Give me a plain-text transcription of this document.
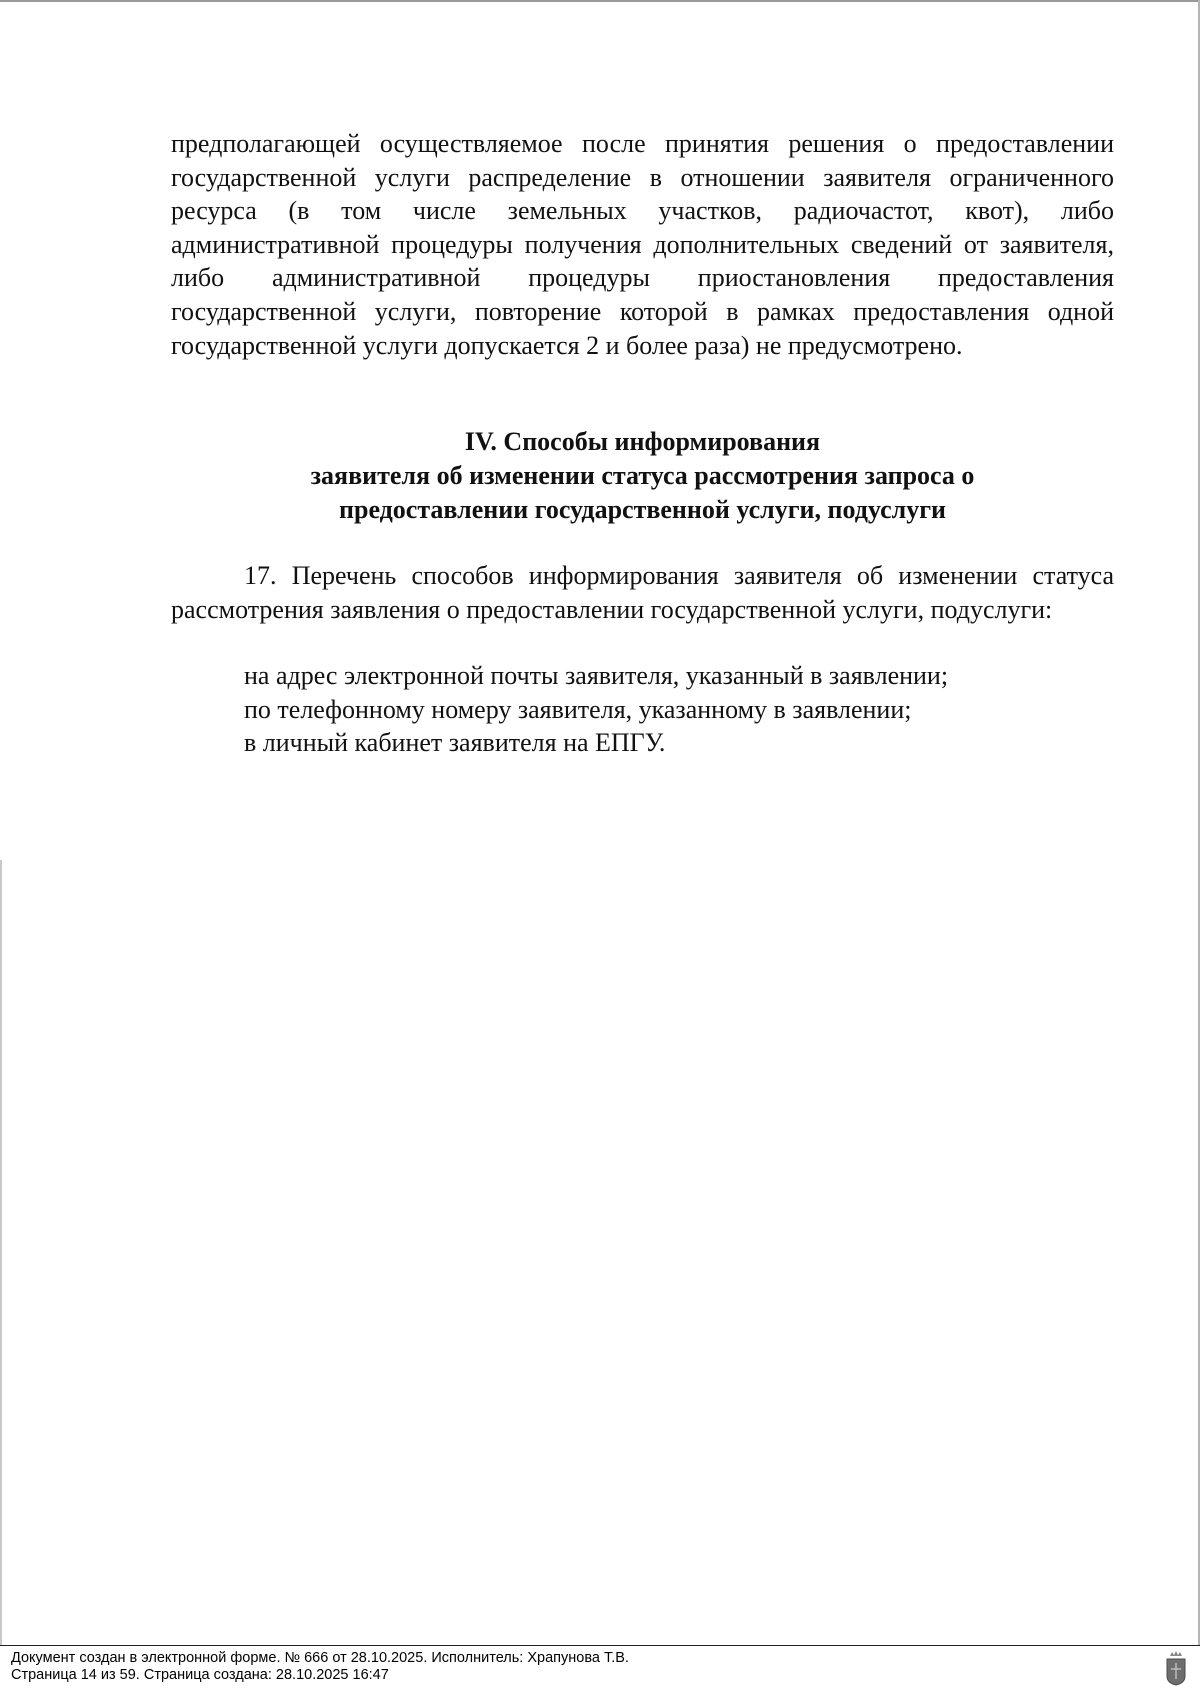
предполагающей осуществляемое после принятия решения о предоставлении государственной услуги распределение в отношении заявителя ограниченного ресурса (в том числе земельных участков, радиочастот, квот), либо административной процедуры получения дополнительных сведений от заявителя, либо административной процедуры приостановления предоставления государственной услуги, повторение которой в рамках предоставления одной государственной услуги допускается 2 и более раза) не предусмотрено.

IV. Способы информирования
заявителя об изменении статуса рассмотрения запроса о
предоставлении государственной услуги, подуслуги

17. Перечень способов информирования заявителя об изменении статуса рассмотрения заявления о предоставлении государственной услуги, подуслуги:

на адрес электронной почты заявителя, указанный в заявлении;
по телефонному номеру заявителя, указанному в заявлении;
в личный кабинет заявителя на ЕПГУ.
Документ создан в электронной форме. № 666 от 28.10.2025. Исполнитель: Храпунова Т.В.
Страница 14 из 59. Страница создана: 28.10.2025 16:47
